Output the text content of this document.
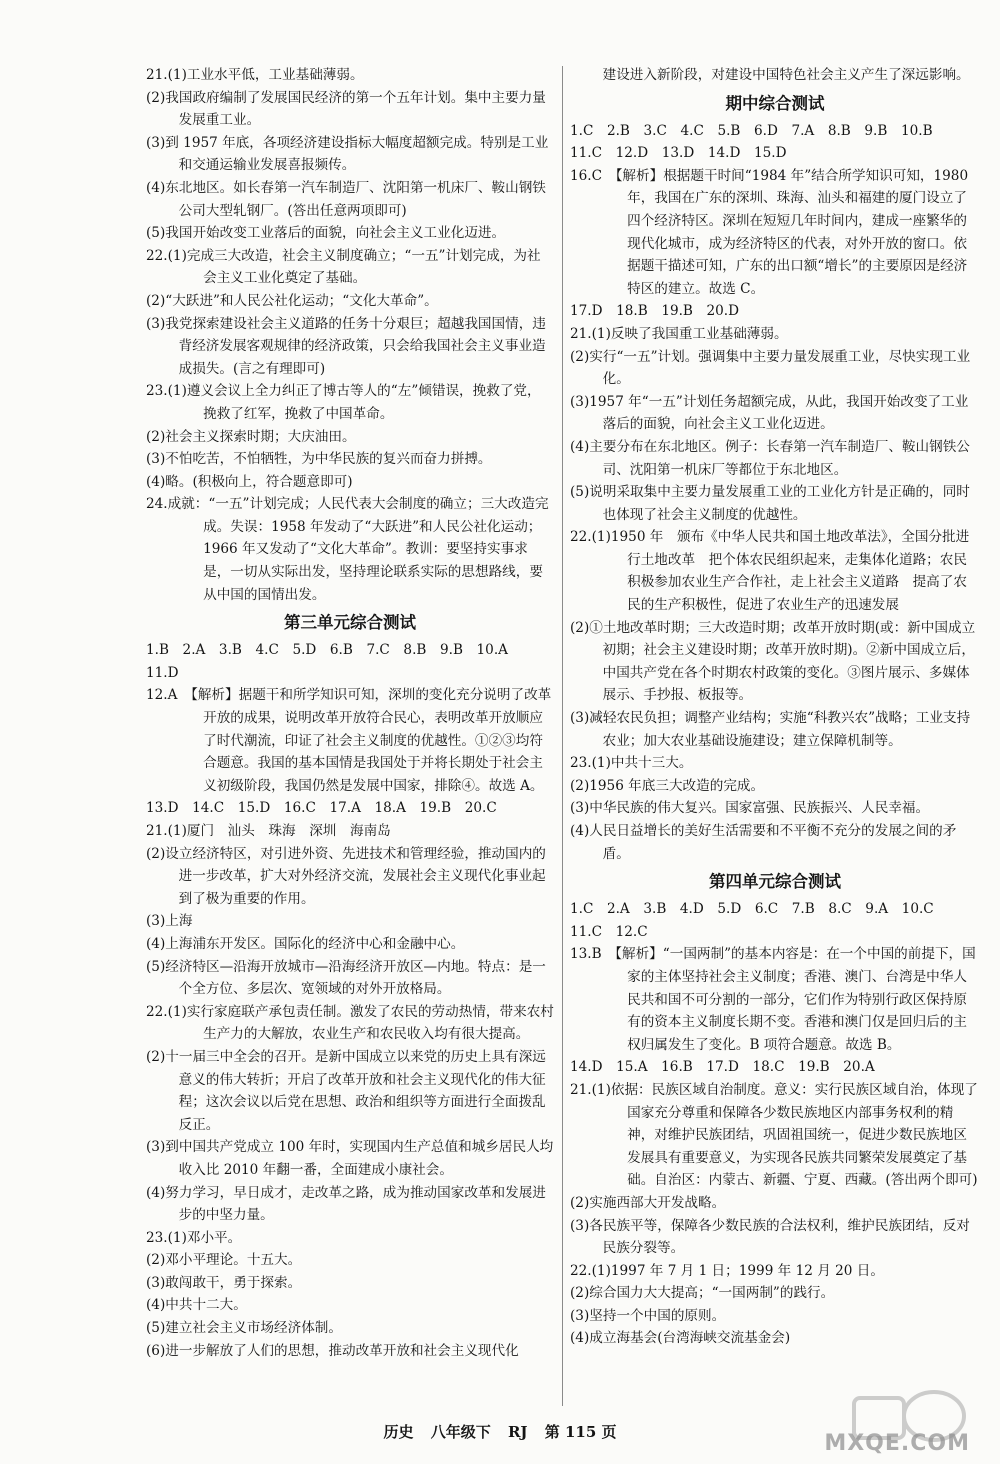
21.(1)工业水平低，工业基础薄弱。
(2)我国政府编制了发展国民经济的第一个五年计划。集中主要力量发展重工业。
(3)到 1957 年底，各项经济建设指标大幅度超额完成。特别是工业和交通运输业发展喜报频传。
(4)东北地区。如长春第一汽车制造厂、沈阳第一机床厂、鞍山钢铁公司大型轧钢厂。(答出任意两项即可)
(5)我国开始改变工业落后的面貌，向社会主义工业化迈进。
22.(1)完成三大改造，社会主义制度确立；“一五”计划完成，为社会主义工业化奠定了基础。
(2)“大跃进”和人民公社化运动；“文化大革命”。
(3)我党探索建设社会主义道路的任务十分艰巨；超越我国国情，违背经济发展客观规律的经济政策，只会给我国社会主义事业造成损失。(言之有理即可)
23.(1)遵义会议上全力纠正了博古等人的“左”倾错误，挽救了党，挽救了红军，挽救了中国革命。
(2)社会主义探索时期；大庆油田。
(3)不怕吃苦，不怕牺牲，为中华民族的复兴而奋力拼搏。
(4)略。(积极向上，符合题意即可)
24.成就：“一五”计划完成；人民代表大会制度的确立；三大改造完成。失误：1958 年发动了“大跃进”和人民公社化运动；1966 年又发动了“文化大革命”。教训：要坚持实事求是，一切从实际出发，坚持理论联系实际的思想路线，要从中国的国情出发。
第三单元综合测试
1.B　2.A　3.B　4.C　5.D　6.B　7.C　8.B　9.B　10.A
11.D
12.A　【解析】据题干和所学知识可知，深圳的变化充分说明了改革开放的成果，说明改革开放符合民心，表明改革开放顺应了时代潮流，印证了社会主义制度的优越性。①②③均符合题意。我国的基本国情是我国处于并将长期处于社会主义初级阶段，我国仍然是发展中国家，排除④。故选 A。
13.D　14.C　15.D　16.C　17.A　18.A　19.B　20.C
21.(1)厦门　汕头　珠海　深圳　海南岛
(2)设立经济特区，对引进外资、先进技术和管理经验，推动国内的进一步改革，扩大对外经济交流，发展社会主义现代化事业起到了极为重要的作用。
(3)上海
(4)上海浦东开发区。国际化的经济中心和金融中心。
(5)经济特区—沿海开放城市—沿海经济开放区—内地。特点：是一个全方位、多层次、宽领域的对外开放格局。
22.(1)实行家庭联产承包责任制。激发了农民的劳动热情，带来农村生产力的大解放，农业生产和农民收入均有很大提高。
(2)十一届三中全会的召开。是新中国成立以来党的历史上具有深远意义的伟大转折；开启了改革开放和社会主义现代化的伟大征程；这次会议以后党在思想、政治和组织等方面进行全面拨乱反正。
(3)到中国共产党成立 100 年时，实现国内生产总值和城乡居民人均收入比 2010 年翻一番，全面建成小康社会。
(4)努力学习，早日成才，走改革之路，成为推动国家改革和发展进步的中坚力量。
23.(1)邓小平。
(2)邓小平理论。十五大。
(3)敢闯敢干，勇于探索。
(4)中共十二大。
(5)建立社会主义市场经济体制。
(6)进一步解放了人们的思想，推动改革开放和社会主义现代化
建设进入新阶段，对建设中国特色社会主义产生了深远影响。
期中综合测试
1.C　2.B　3.C　4.C　5.B　6.D　7.A　8.B　9.B　10.B
11.C　12.D　13.D　14.D　15.D
16.C　【解析】根据题干时间“1984 年”结合所学知识可知，1980 年，我国在广东的深圳、珠海、汕头和福建的厦门设立了四个经济特区。深圳在短短几年时间内，建成一座繁华的现代化城市，成为经济特区的代表，对外开放的窗口。依据题干描述可知，广东的出口额“增长”的主要原因是经济特区的建立。故选 C。
17.D　18.B　19.B　20.D
21.(1)反映了我国重工业基础薄弱。
(2)实行“一五”计划。强调集中主要力量发展重工业，尽快实现工业化。
(3)1957 年“一五”计划任务超额完成，从此，我国开始改变了工业落后的面貌，向社会主义工业化迈进。
(4)主要分布在东北地区。例子：长春第一汽车制造厂、鞍山钢铁公司、沈阳第一机床厂等都位于东北地区。
(5)说明采取集中主要力量发展重工业的工业化方针是正确的，同时也体现了社会主义制度的优越性。
22.(1)1950 年　颁布《中华人民共和国土地改革法》，全国分批进行土地改革　把个体农民组织起来，走集体化道路；农民积极参加农业生产合作社，走上社会主义道路　提高了农民的生产积极性，促进了农业生产的迅速发展
(2)①土地改革时期；三大改造时期；改革开放时期(或：新中国成立初期；社会主义建设时期；改革开放时期)。②新中国成立后，中国共产党在各个时期农村政策的变化。③图片展示、多媒体展示、手抄报、板报等。
(3)减轻农民负担；调整产业结构；实施“科教兴农”战略；工业支持农业；加大农业基础设施建设；建立保障机制等。
23.(1)中共十三大。
(2)1956 年底三大改造的完成。
(3)中华民族的伟大复兴。国家富强、民族振兴、人民幸福。
(4)人民日益增长的美好生活需要和不平衡不充分的发展之间的矛盾。
第四单元综合测试
1.C　2.A　3.B　4.D　5.D　6.C　7.B　8.C　9.A　10.C
11.C　12.C
13.B　【解析】“一国两制”的基本内容是：在一个中国的前提下，国家的主体坚持社会主义制度；香港、澳门、台湾是中华人民共和国不可分割的一部分，它们作为特别行政区保持原有的资本主义制度长期不变。香港和澳门仅是回归后的主权归属发生了变化。B 项符合题意。故选 B。
14.D　15.A　16.B　17.D　18.C　19.B　20.A
21.(1)依据：民族区域自治制度。意义：实行民族区域自治，体现了国家充分尊重和保障各少数民族地区内部事务权利的精神，对维护民族团结，巩固祖国统一，促进少数民族地区发展具有重要意义，为实现各民族共同繁荣发展奠定了基础。自治区：内蒙古、新疆、宁夏、西藏。(答出两个即可)
(2)实施西部大开发战略。
(3)各民族平等，保障各少数民族的合法权利，维护民族团结，反对民族分裂等。
22.(1)1997 年 7 月 1 日；1999 年 12 月 20 日。
(2)综合国力大大提高；“一国两制”的践行。
(3)坚持一个中国的原则。
(4)成立海基会(台湾海峡交流基金会)
历史 八年级下 RJ 第 115 页	MXQE.COM
